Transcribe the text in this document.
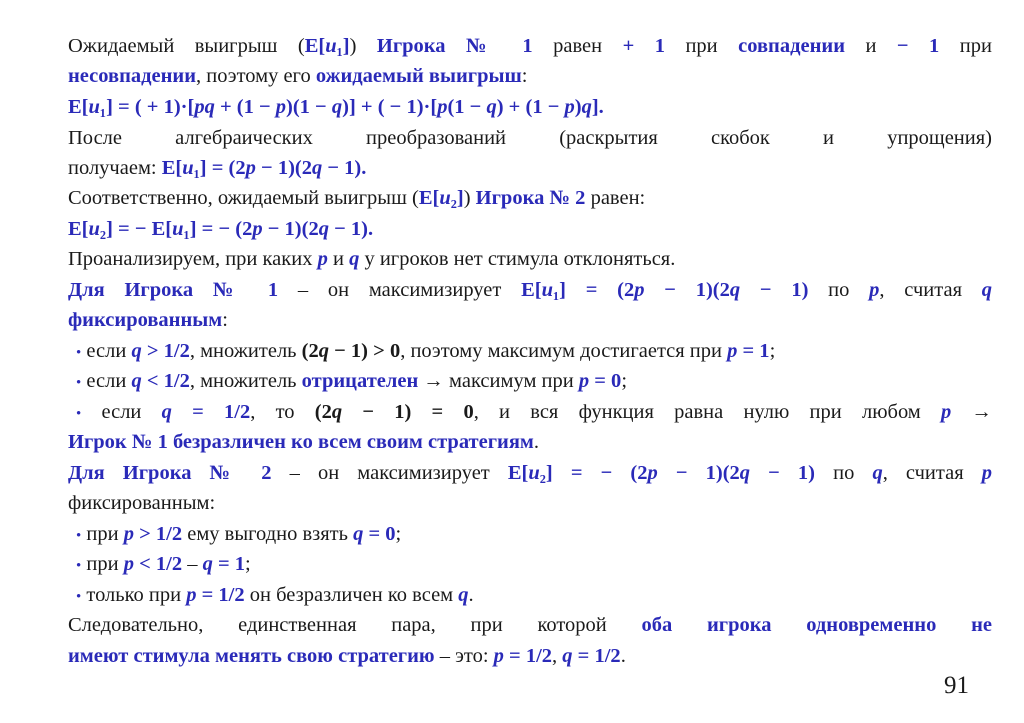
91
Ожидаемый выигрыш (E[u₁]) Игрока № 1 равен + 1 при совпадении и − 1 при
несовпадении, поэтому его ожидаемый выигрыш:
E[u₁] = ( + 1)·[pq + (1 − p)(1 − q)] + ( − 1)·[p(1 − q) + (1 − p)q].
После алгебраических преобразований (раскрытия скобок и упрощения)
получаем: E[u₁] = (2p − 1)(2q − 1).
Соответственно, ожидаемый выигрыш (E[u₂]) Игрока № 2 равен:
E[u₂] = − E[u₁] = − (2p − 1)(2q − 1).
Проанализируем, при каких p и q у игроков нет стимула отклоняться.
Для Игрока № 1 – он максимизирует E[u₁] = (2p − 1)(2q − 1) по p, считая q
фиксированным:
• если q > 1/2, множитель (2q − 1) > 0, поэтому максимум достигается при p = 1;
• если q < 1/2, множитель отрицателен → максимум при p = 0;
• если q = 1/2, то (2q − 1) = 0, и вся функция равна нулю при любом p →
Игрок № 1 безразличен ко всем своим стратегиям.
Для Игрока № 2 – он максимизирует E[u₂] = − (2p − 1)(2q − 1) по q, считая p
фиксированным:
• при p > 1/2 ему выгодно взять q = 0;
• при p < 1/2 – q = 1;
• только при p = 1/2 он безразличен ко всем q.
Следовательно, единственная пара, при которой оба игрока одновременно не
имеют стимула менять свою стратегию – это: p = 1/2, q = 1/2.
